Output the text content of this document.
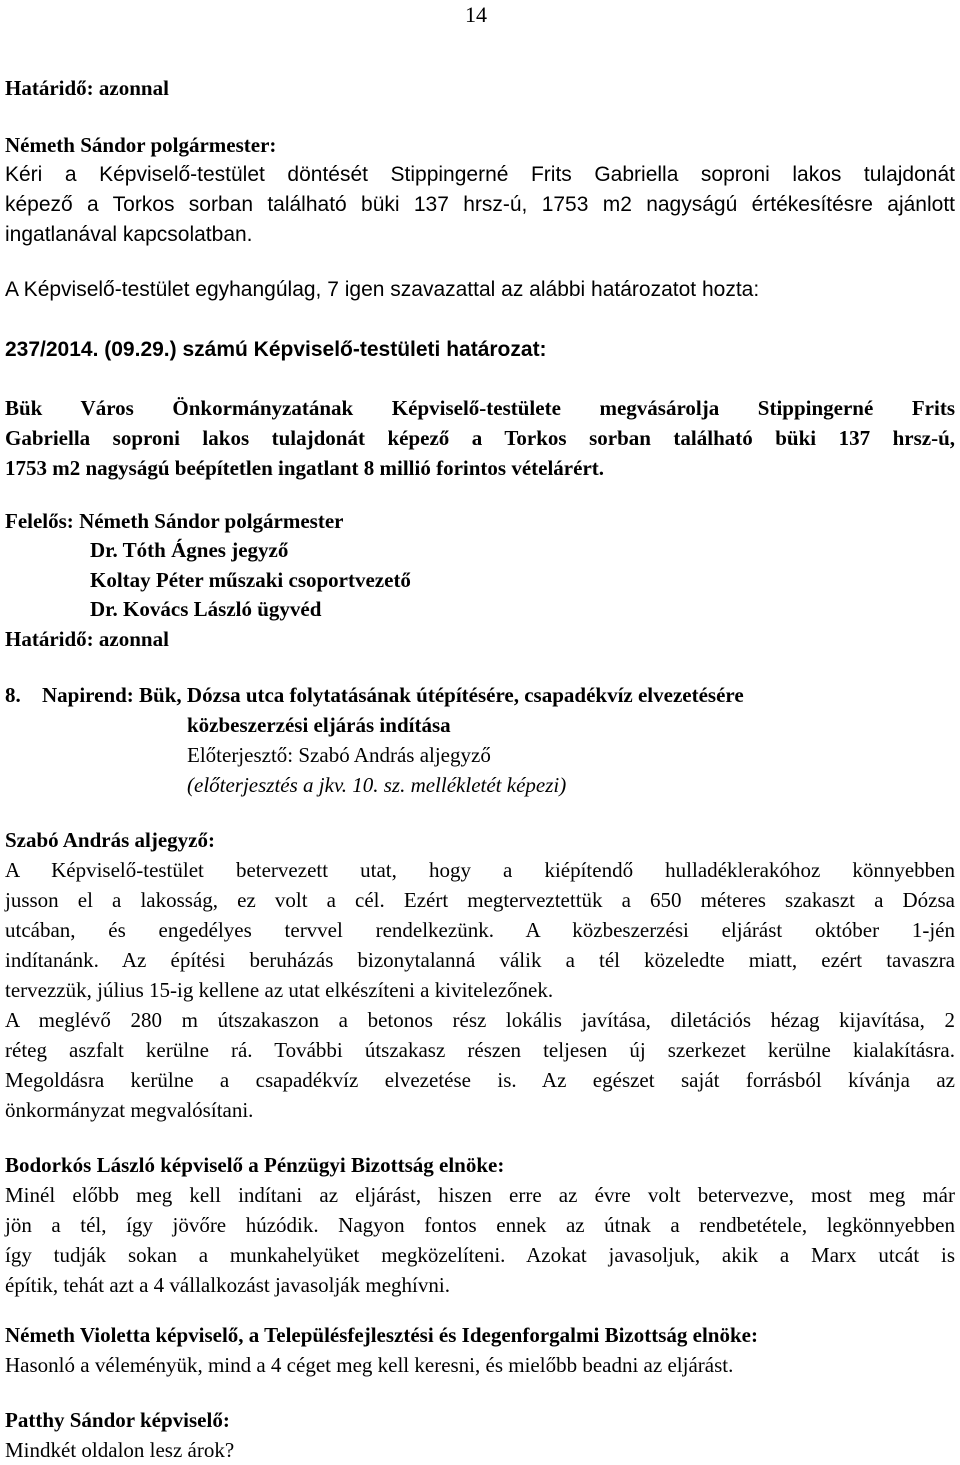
14
Határidő: azonnal
Németh Sándor polgármester:
Kéri a Képviselő-testület döntését Stippingerné Frits Gabriella soproni lakos tulajdonát
képező a Torkos sorban található büki 137 hrsz-ú, 1753 m2 nagyságú értékesítésre ajánlott
ingatlanával kapcsolatban.
A Képviselő-testület egyhangúlag, 7 igen szavazattal az alábbi határozatot hozta:
237/2014. (09.29.) számú Képviselő-testületi határozat:
Bük Város Önkormányzatának Képviselő-testülete megvásárolja Stippingerné Frits
Gabriella soproni lakos tulajdonát képező a Torkos sorban található büki 137 hrsz-ú,
1753 m2 nagyságú beépítetlen ingatlant 8 millió forintos vételárért.
Felelős: Németh Sándor polgármester
Dr. Tóth Ágnes jegyző
Koltay Péter műszaki csoportvezető
Dr. Kovács László ügyvéd
Határidő: azonnal
8. Napirend: Bük, Dózsa utca folytatásának útépítésére, csapadékvíz elvezetésére
közbeszerzési eljárás indítása
Előterjesztő: Szabó András aljegyző
(előterjesztés a jkv. 10. sz. mellékletét képezi)
Szabó András aljegyző:
A Képviselő-testület betervezett utat, hogy a kiépítendő hulladéklerakóhoz könnyebben
jusson el a lakosság, ez volt a cél. Ezért megterveztettük a 650 méteres szakaszt a Dózsa
utcában, és engedélyes tervvel rendelkezünk. A közbeszerzési eljárást október 1-jén
indítanánk. Az építési beruházás bizonytalanná válik a tél közeledte miatt, ezért tavaszra
tervezzük, július 15-ig kellene az utat elkészíteni a kivitelezőnek.
A meglévő 280 m útszakaszon a betonos rész lokális javítása, diletációs hézag kijavítása, 2
réteg aszfalt kerülne rá. További útszakasz részen teljesen új szerkezet kerülne kialakításra.
Megoldásra kerülne a csapadékvíz elvezetése is. Az egészet saját forrásból kívánja az
önkormányzat megvalósítani.
Bodorkós László képviselő a Pénzügyi Bizottság elnöke:
Minél előbb meg kell indítani az eljárást, hiszen erre az évre volt betervezve, most meg már
jön a tél, így jövőre húzódik. Nagyon fontos ennek az útnak a rendbetétele, legkönnyebben
így tudják sokan a munkahelyüket megközelíteni. Azokat javasoljuk, akik a Marx utcát is
építik, tehát azt a 4 vállalkozást javasolják meghívni.
Németh Violetta képviselő, a Településfejlesztési és Idegenforgalmi Bizottság elnöke:
Hasonló a véleményük, mind a 4 céget meg kell keresni, és mielőbb beadni az eljárást.
Patthy Sándor képviselő:
Mindkét oldalon lesz árok?
